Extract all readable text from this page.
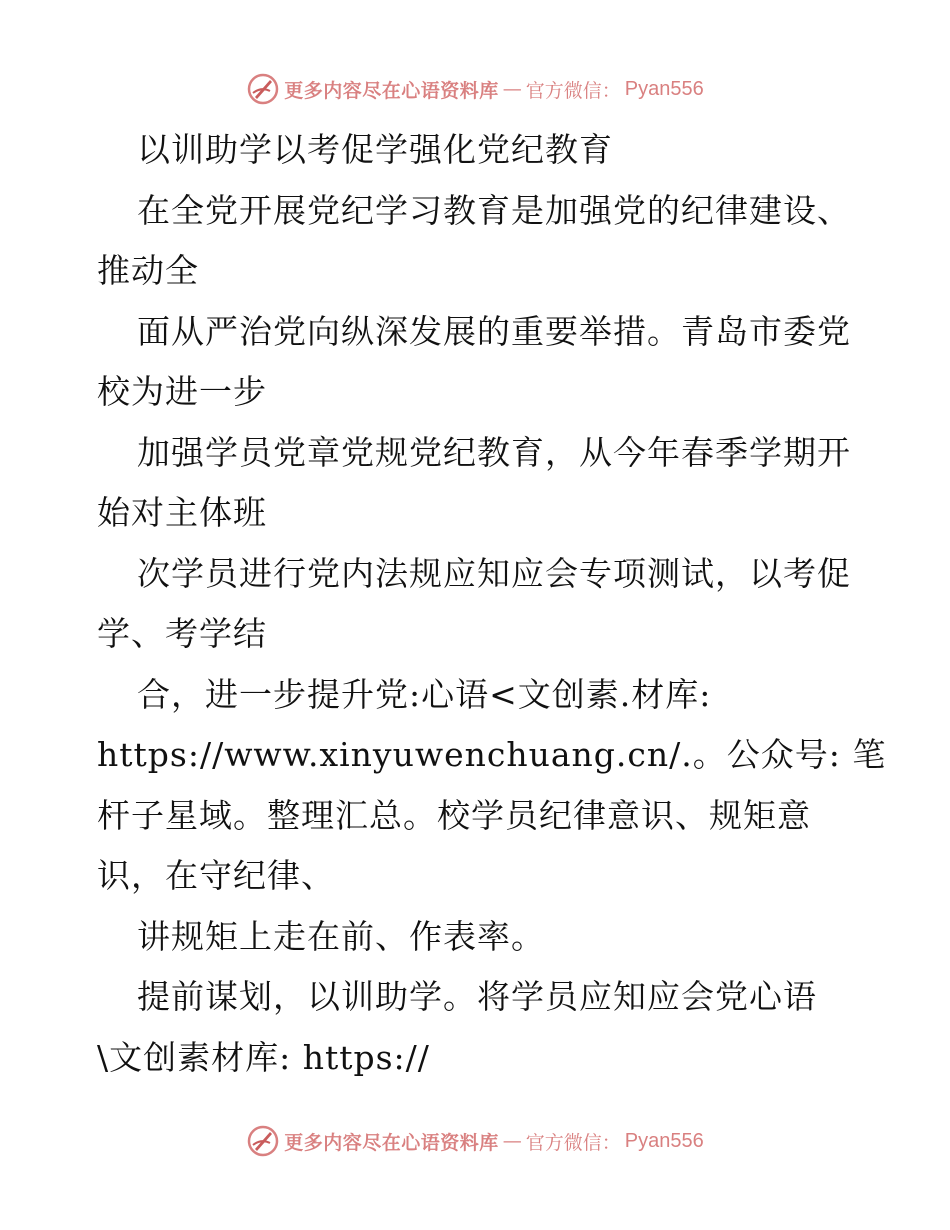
更多内容尽在心语资料库 — 官方微信： Pyan556
以训助学以考促学强化党纪教育
在全党开展党纪学习教育是加强党的纪律建设、
推动全
面从严治党向纵深发展的重要举措。青岛市委党
校为进一步
加强学员党章党规党纪教育，从今年春季学期开
始对主体班
次学员进行党内法规应知应会专项测试，以考促
学、考学结
合，进一步提升党:心语<文创素.材库:
https://www.xinyuwenchuang.cn/.。公众号: 笔
杆子星域。整理汇总。校学员纪律意识、规矩意
识，在守纪律、
讲规矩上走在前、作表率。
提前谋划，以训助学。将学员应知应会党心语
\文创素材库: https://
更多内容尽在心语资料库 — 官方微信： Pyan556
